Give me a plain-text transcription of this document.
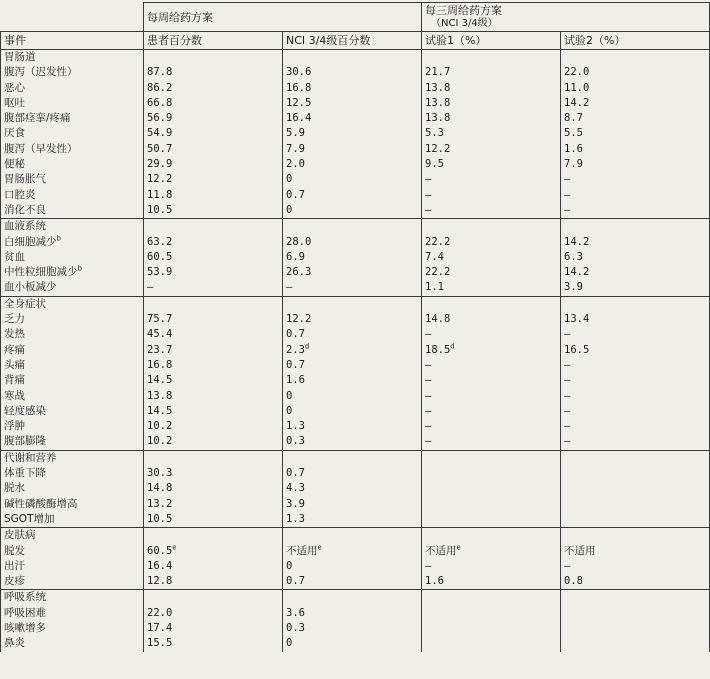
	每周给药方案		每三周给药方案
（NCI 3/4级）	

事件	患者百分数	NCI 3/4级百分数	试验1（%）	试验2（%）
胃肠道				
腹泻（迟发性）	87.8	30.6	21.7	22.0
恶心	86.2	16.8	13.8	11.0
呕吐	66.8	12.5	13.8	14.2
腹部痉挛/疼痛	56.9	16.4	13.8	8.7
厌食	54.9	5.9	5.3	5.5
腹泻（早发性）	50.7	7.9	12.2	1.6
便秘	29.9	2.0	9.5	7.9
胃肠胀气	12.2	0	—	—
口腔炎	11.8	0.7	—	—
消化不良	10.5	0	—	—
血液系统				
白细胞减少$^b$	63.2	28.0	22.2	14.2
贫血	60.5	6.9	7.4	6.3
中性粒细胞减少$^b$	53.9	26.3	22.2	14.2
血小板减少	—	—	1.1	3.9
全身症状				
乏力	75.7	12.2	14.8	13.4
发热	45.4	0.7	—	—
疼痛	23.7	2.3$^d$	18.5$^d$	16.5
头痛	16.8	0.7	—	—
背痛	14.5	1.6	—	—
寒战	13.8	0	—	—
轻度感染	14.5	0	—	—
浮肿	10.2	1.3	—	—
腹部膨隆	10.2	0.3	—	—
代谢和营养				
体重下降	30.3	0.7		
脱水	14.8	4.3		
碱性磷酸酶增高	13.2	3.9		
SGOT增加	10.5	1.3		
皮肤病				
脱发	60.5e	不适用$^e$	不适用$^e$	不适用
出汗	16.4	0	—	—
皮疹	12.8	0.7	1.6	0.8
呼吸系统				
呼吸困难	22.0	3.6		
咳嗽增多	17.4	0.3		
鼻炎	15.5	0		
